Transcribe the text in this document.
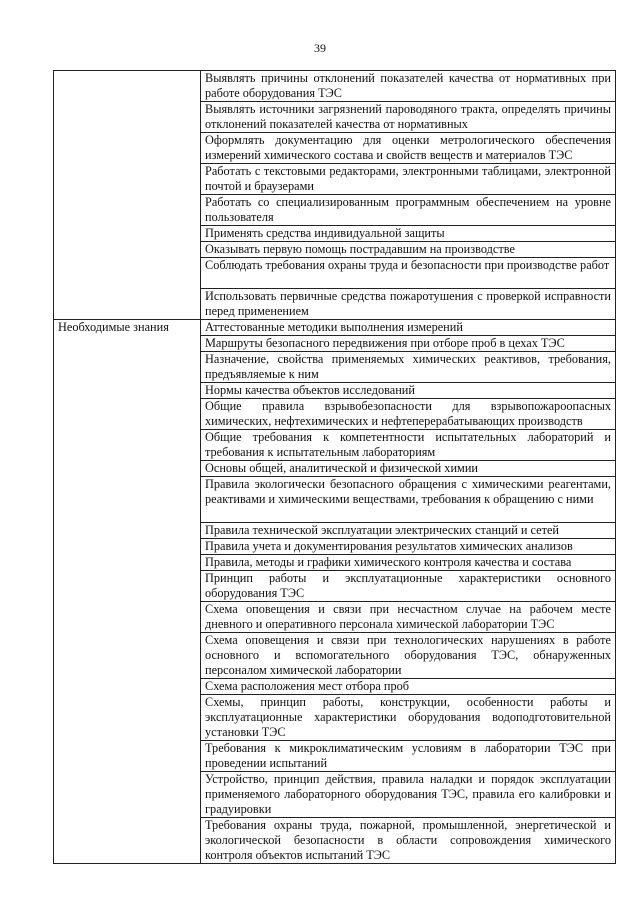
39
	Выявлять причины отклонений показателей качества от нормативных при работе оборудования ТЭС
	Выявлять источники загрязнений пароводяного тракта, определять причины отклонений показателей качества от нормативных
	Оформлять документацию для оценки метрологического обеспечения измерений химического состава и свойств веществ и материалов ТЭС
	Работать с текстовыми редакторами, электронными таблицами, электронной почтой и браузерами
	Работать со специализированным программным обеспечением на уровне пользователя
	Применять средства индивидуальной защиты
	Оказывать первую помощь пострадавшим на производстве
	Соблюдать требования охраны труда и безопасности при производстве работ
	Использовать первичные средства пожаротушения с проверкой исправности перед применением
Необходимые знания	Аттестованные методики выполнения измерений
	Маршруты безопасного передвижения при отборе проб в цехах ТЭС
	Назначение, свойства применяемых химических реактивов, требования, предъявляемые к ним
	Нормы качества объектов исследований
	Общие правила взрывобезопасности для взрывопожароопасных химических, нефтехимических и нефтеперерабатывающих производств
	Общие требования к компетентности испытательных лабораторий и требования к испытательным лабораториям
	Основы общей, аналитической и физической химии
	Правила экологически безопасного обращения с химическими реагентами, реактивами и химическими веществами, требования к обращению с ними
	Правила технической эксплуатации электрических станций и сетей
	Правила учета и документирования результатов химических анализов
	Правила, методы и графики химического контроля качества и состава
	Принцип работы и эксплуатационные характеристики основного оборудования ТЭС
	Схема оповещения и связи при несчастном случае на рабочем месте дневного и оперативного персонала химической лаборатории ТЭС
	Схема оповещения и связи при технологических нарушениях в работе основного и вспомогательного оборудования ТЭС, обнаруженных персоналом химической лаборатории
	Схема расположения мест отбора проб
	Схемы, принцип работы, конструкции, особенности работы и эксплуатационные характеристики оборудования водоподготовительной установки ТЭС
	Требования к микроклиматическим условиям в лаборатории ТЭС при проведении испытаний
	Устройство, принцип действия, правила наладки и порядок эксплуатации применяемого лабораторного оборудования ТЭС, правила его калибровки и градуировки
	Требования охраны труда, пожарной, промышленной, энергетической и экологической безопасности в области сопровождения химического контроля объектов испытаний ТЭС
